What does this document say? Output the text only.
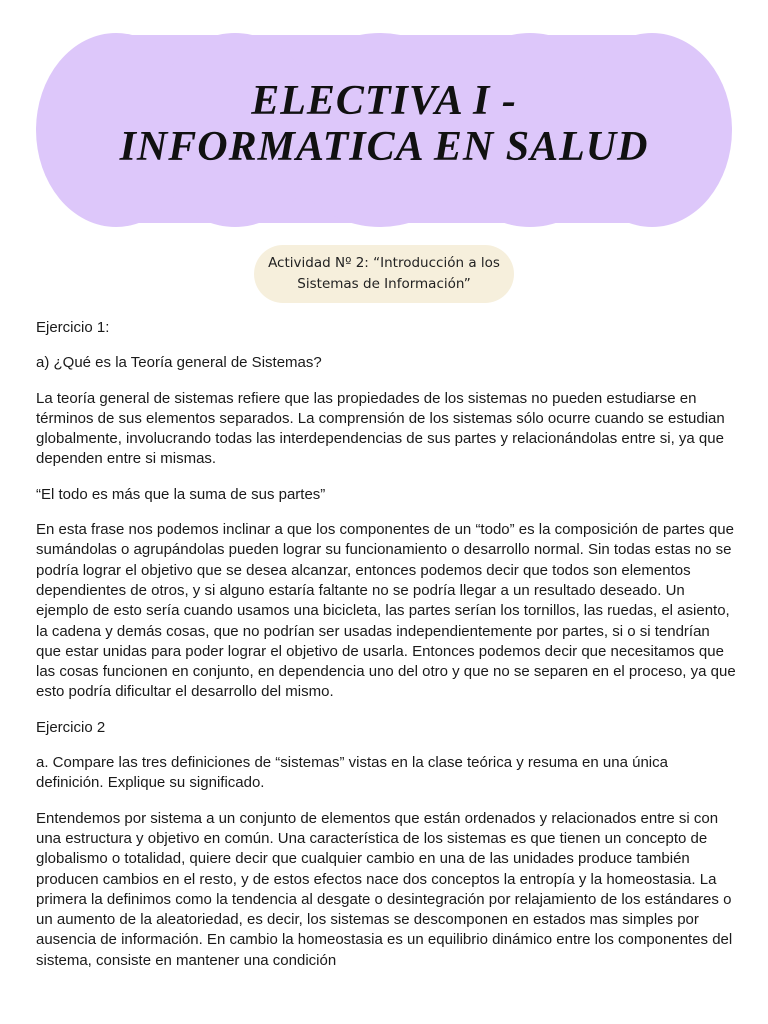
ELECTIVA I -
INFORMATICA EN SALUD
Actividad Nº 2: “Introducción a los
Sistemas de Información”

Ejercicio 1:

a) ¿Qué es la Teoría general de Sistemas?

La teoría general de sistemas refiere que las propiedades de los sistemas no pueden estudiarse en términos de sus elementos separados. La comprensión de los sistemas sólo ocurre cuando se estudian globalmente, involucrando todas las interdependencias de sus partes y relacionándolas entre si, ya que dependen entre si mismas.

“El todo es más que la suma de sus partes”

En esta frase nos podemos inclinar a que los componentes de un “todo” es la composición de partes que sumándolas o agrupándolas pueden lograr su funcionamiento o desarrollo normal. Sin todas estas no se podría lograr el objetivo que se desea alcanzar, entonces podemos decir que todos son elementos dependientes de otros, y si alguno estaría faltante no se podría llegar a un resultado deseado. Un ejemplo de esto sería cuando usamos una bicicleta, las partes serían los tornillos, las ruedas, el asiento, la cadena y demás cosas, que no podrían ser usadas independientemente por partes, si o si tendrían que estar unidas para poder lograr el objetivo de usarla. Entonces podemos decir que necesitamos que las cosas funcionen en conjunto, en dependencia uno del otro y que no se separen en el proceso, ya que esto podría dificultar el desarrollo del mismo.

Ejercicio 2

a. Compare las tres definiciones de “sistemas” vistas en la clase teórica y resuma en una única definición. Explique su significado.

Entendemos por sistema a un conjunto de elementos que están ordenados y relacionados entre si con una estructura y objetivo en común. Una característica de los sistemas es que tienen un concepto de globalismo o totalidad, quiere decir que cualquier cambio en una de las unidades produce también producen cambios en el resto, y de estos efectos nace dos conceptos la entropía y la homeostasia. La primera la definimos como la tendencia al desgate o desintegración por relajamiento de los estándares o un aumento de la aleatoriedad, es decir, los sistemas se descomponen en estados mas simples por ausencia de información. En cambio la homeostasia es un equilibrio dinámico entre los componentes del sistema, consiste en mantener una condición
